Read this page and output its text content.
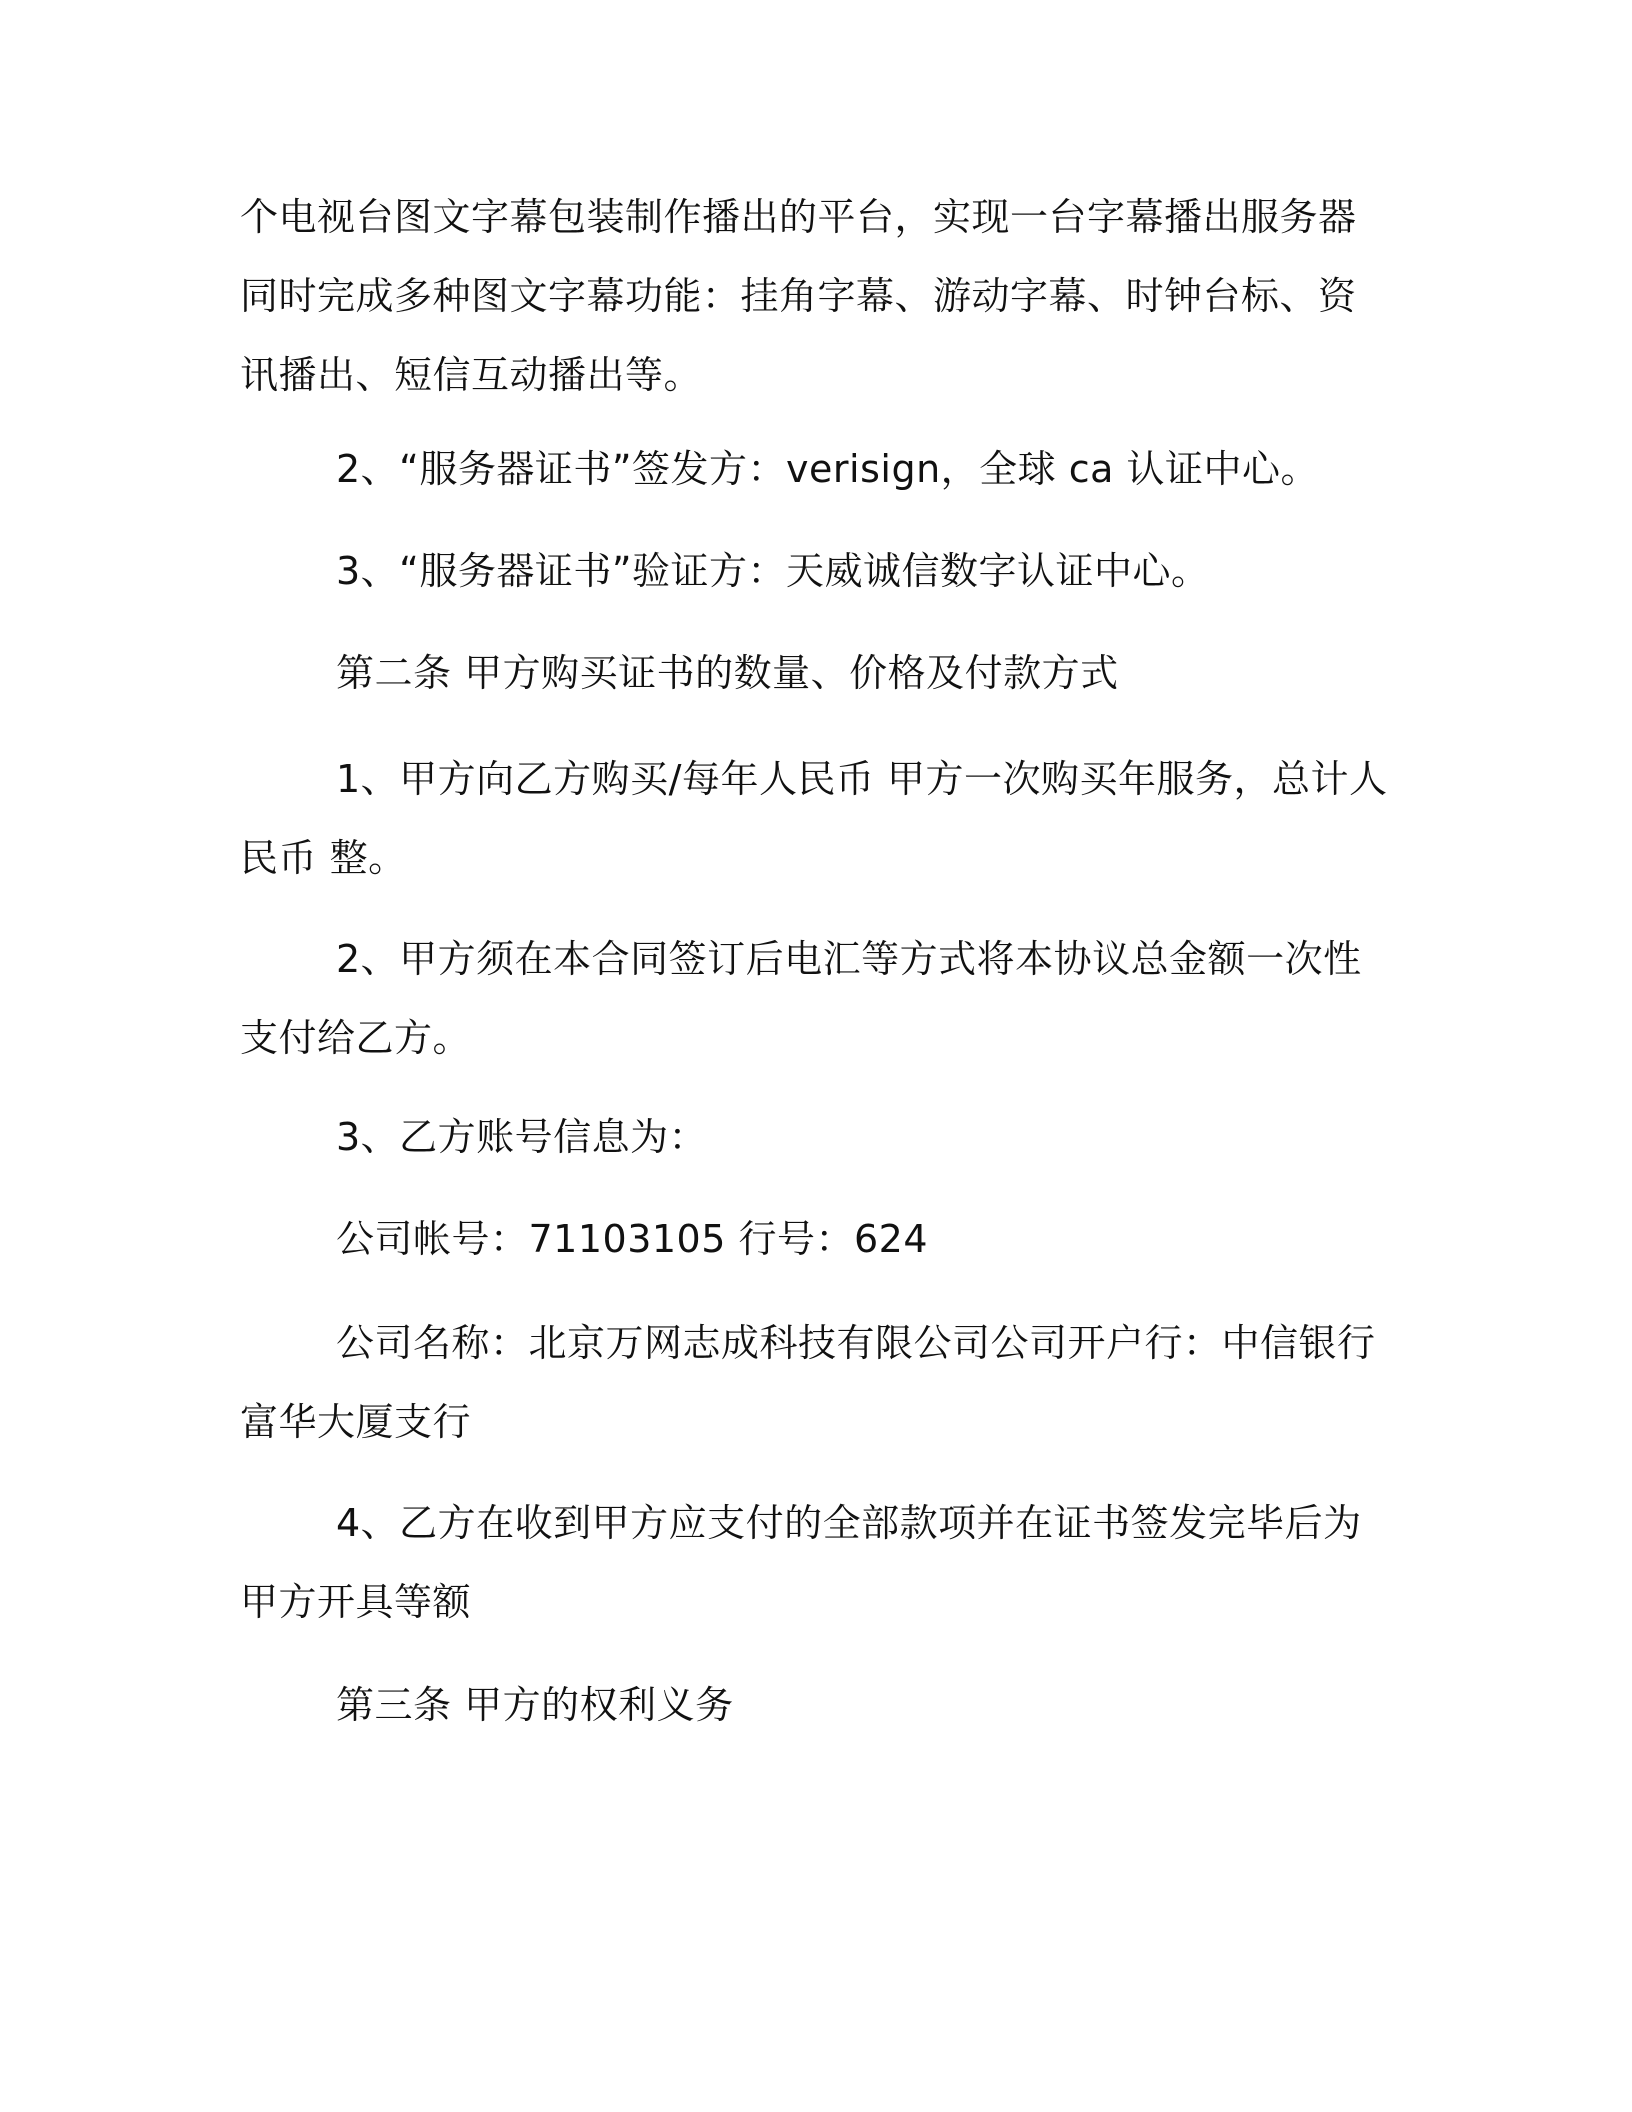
个电视台图文字幕包装制作播出的平台，实现一台字幕播出服务器同时完成多种图文字幕功能：挂角字幕、游动字幕、时钟台标、资讯播出、短信互动播出等。

2、“服务器证书”签发方：verisign，全球 ca 认证中心。

3、“服务器证书”验证方：天威诚信数字认证中心。

第二条 甲方购买证书的数量、价格及付款方式

1、甲方向乙方购买/每年人民币 甲方一次购买年服务，总计人民币 整。

2、甲方须在本合同签订后电汇等方式将本协议总金额一次性支付给乙方。

3、乙方账号信息为：

公司帐号：71103105 行号：624

公司名称：北京万网志成科技有限公司公司开户行：中信银行富华大厦支行

4、乙方在收到甲方应支付的全部款项并在证书签发完毕后为甲方开具等额

第三条 甲方的权利义务
